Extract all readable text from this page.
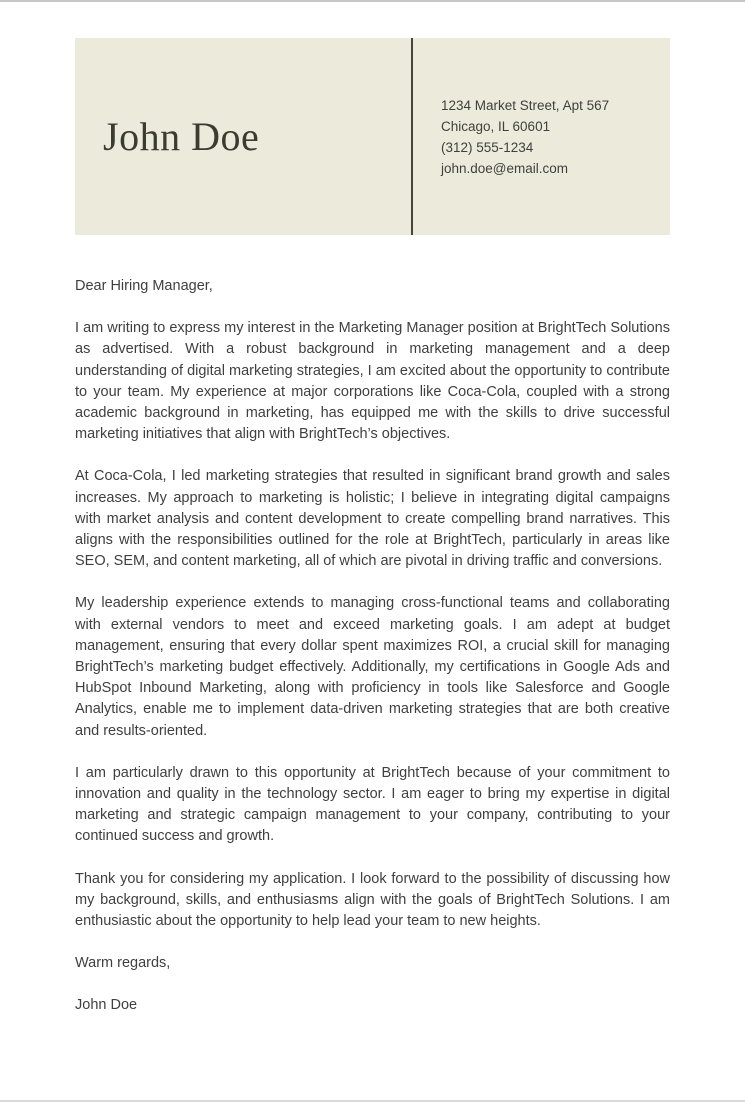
John Doe
1234 Market Street, Apt 567
Chicago, IL 60601
(312) 555-1234
john.doe@email.com

Dear Hiring Manager,

I am writing to express my interest in the Marketing Manager position at BrightTech Solutions as advertised. With a robust background in marketing management and a deep understanding of digital marketing strategies, I am excited about the opportunity to contribute to your team. My experience at major corporations like Coca-Cola, coupled with a strong academic background in marketing, has equipped me with the skills to drive successful marketing initiatives that align with BrightTech’s objectives.

At Coca-Cola, I led marketing strategies that resulted in significant brand growth and sales increases. My approach to marketing is holistic; I believe in integrating digital campaigns with market analysis and content development to create compelling brand narratives. This aligns with the responsibilities outlined for the role at BrightTech, particularly in areas like SEO, SEM, and content marketing, all of which are pivotal in driving traffic and conversions.

My leadership experience extends to managing cross-functional teams and collaborating with external vendors to meet and exceed marketing goals. I am adept at budget management, ensuring that every dollar spent maximizes ROI, a crucial skill for managing BrightTech’s marketing budget effectively. Additionally, my certifications in Google Ads and HubSpot Inbound Marketing, along with proficiency in tools like Salesforce and Google Analytics, enable me to implement data-driven marketing strategies that are both creative and results-oriented.

I am particularly drawn to this opportunity at BrightTech because of your commitment to innovation and quality in the technology sector. I am eager to bring my expertise in digital marketing and strategic campaign management to your company, contributing to your continued success and growth.

Thank you for considering my application. I look forward to the possibility of discussing how my background, skills, and enthusiasms align with the goals of BrightTech Solutions. I am enthusiastic about the opportunity to help lead your team to new heights.

Warm regards,

John Doe
